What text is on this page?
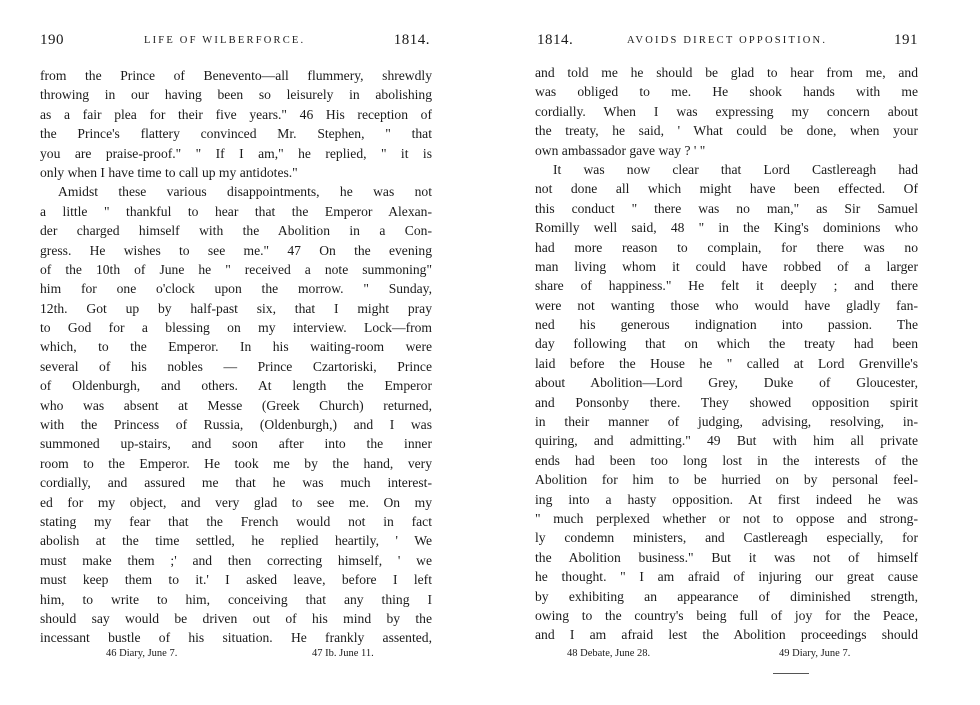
190	LIFE OF WILBERFORCE.	1814.
from the Prince of Benevento—all flummery, shrewdly
throwing in our having been so leisurely in abolishing
as a fair plea for their five years." 46 His reception of
the Prince's flattery convinced Mr. Stephen, " that
you are praise-proof." " If I am," he replied, " it is
only when I have time to call up my antidotes."
Amidst these various disappointments, he was not
a little " thankful to hear that the Emperor Alexan-
der charged himself with the Abolition in a Con-
gress. He wishes to see me." 47 On the evening
of the 10th of June he " received a note summoning"
him for one o'clock upon the morrow. " Sunday,
12th. Got up by half-past six, that I might pray
to God for a blessing on my interview. Lock—from
which, to the Emperor. In his waiting-room were
several of his nobles — Prince Czartoriski, Prince
of Oldenburgh, and others. At length the Emperor
who was absent at Messe (Greek Church) returned,
with the Princess of Russia, (Oldenburgh,) and I was
summoned up-stairs, and soon after into the inner
room to the Emperor. He took me by the hand, very
cordially, and assured me that he was much interest-
ed for my object, and very glad to see me. On my
stating my fear that the French would not in fact
abolish at the time settled, he replied heartily, ' We
must make them ;' and then correcting himself, ' we
must keep them to it.' I asked leave, before I left
him, to write to him, conceiving that any thing I
should say would be driven out of his mind by the
incessant bustle of his situation. He frankly assented,
46 Diary, June 7.	47 Ib. June 11.
1814.	AVOIDS DIRECT OPPOSITION.	191
and told me he should be glad to hear from me, and
was obliged to me. He shook hands with me
cordially. When I was expressing my concern about
the treaty, he said, ' What could be done, when your
own ambassador gave way ? ' "
It was now clear that Lord Castlereagh had
not done all which might have been effected. Of
this conduct " there was no man," as Sir Samuel
Romilly well said, 48 " in the King's dominions who
had more reason to complain, for there was no
man living whom it could have robbed of a larger
share of happiness." He felt it deeply ; and there
were not wanting those who would have gladly fan-
ned his generous indignation into passion. The
day following that on which the treaty had been
laid before the House he " called at Lord Grenville's
about Abolition—Lord Grey, Duke of Gloucester,
and Ponsonby there. They showed opposition spirit
in their manner of judging, advising, resolving, in-
quiring, and admitting." 49 But with him all private
ends had been too long lost in the interests of the
Abolition for him to be hurried on by personal feel-
ing into a hasty opposition. At first indeed he was
" much perplexed whether or not to oppose and strong-
ly condemn ministers, and Castlereagh especially, for
the Abolition business." But it was not of himself
he thought. " I am afraid of injuring our great cause
by exhibiting an appearance of diminished strength,
owing to the country's being full of joy for the Peace,
and I am afraid lest the Abolition proceedings should
48 Debate, June 28.	49 Diary, June 7.
